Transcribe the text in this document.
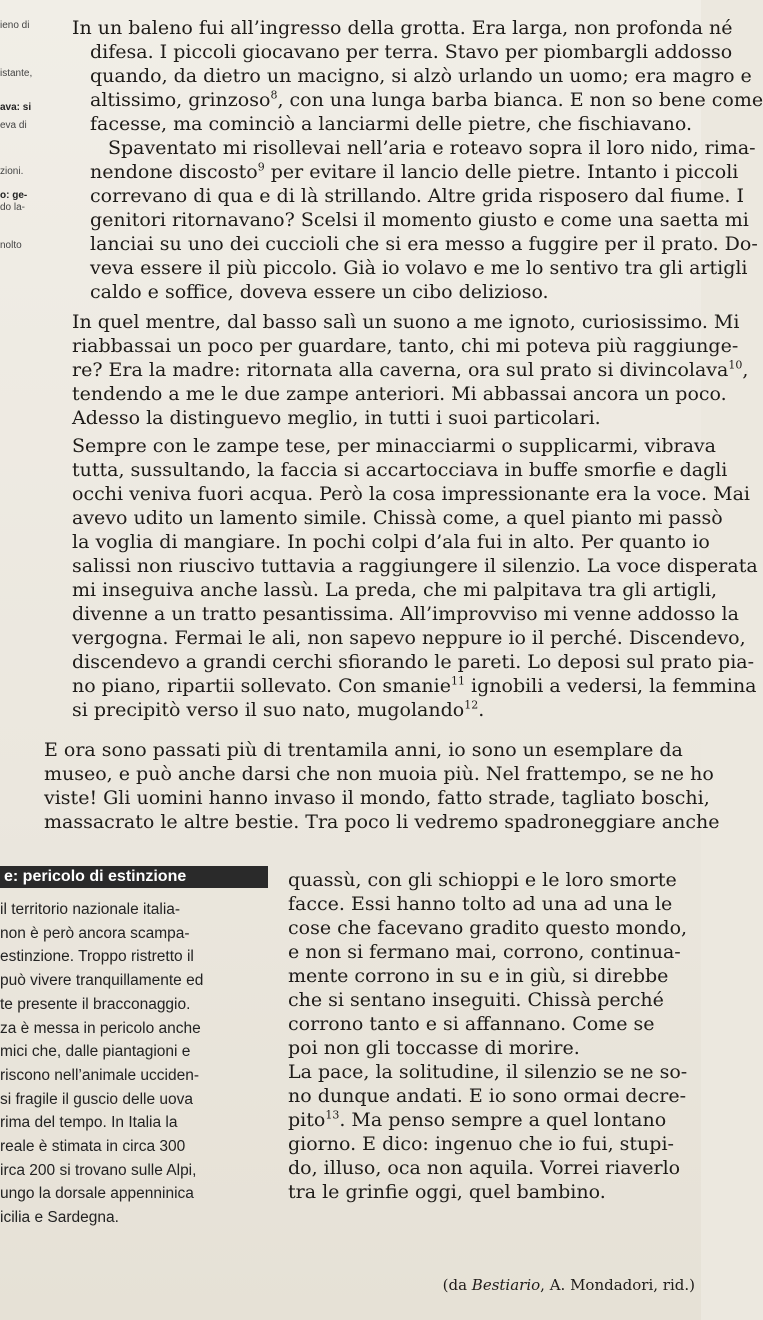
ieno di
istante,
ava: si
eva di
zioni.
o: ge-
do la-
nolto

In un baleno fui all’ingresso della grotta. Era larga, non profonda né

difesa. I piccoli giocavano per terra. Stavo per piombargli addosso

quando, da dietro un macigno, si alzò urlando un uomo; era magro e

altissimo, grinzoso$^8$, con una lunga barba bianca. E non so bene come

facesse, ma cominciò a lanciarmi delle pietre, che fischiavano.

Spaventato mi risollevai nell’aria e roteavo sopra il loro nido, rima-

nendone discosto$^9$ per evitare il lancio delle pietre. Intanto i piccoli

correvano di qua e di là strillando. Altre grida risposero dal fiume. I

genitori ritornavano? Scelsi il momento giusto e come una saetta mi

lanciai su uno dei cuccioli che si era messo a fuggire per il prato. Do-

veva essere il più piccolo. Già io volavo e me lo sentivo tra gli artigli

caldo e soffice, doveva essere un cibo delizioso.

In quel mentre, dal basso salì un suono a me ignoto, curiosissimo. Mi

riabbassai un poco per guardare, tanto, chi mi poteva più raggiunge-

re? Era la madre: ritornata alla caverna, ora sul prato si divincolava$^{10}$,

tendendo a me le due zampe anteriori. Mi abbassai ancora un poco.

Adesso la distinguevo meglio, in tutti i suoi particolari.

Sempre con le zampe tese, per minacciarmi o supplicarmi, vibrava

tutta, sussultando, la faccia si accartocciava in buffe smorfie e dagli

occhi veniva fuori acqua. Però la cosa impressionante era la voce. Mai

avevo udito un lamento simile. Chissà come, a quel pianto mi passò

la voglia di mangiare. In pochi colpi d’ala fui in alto. Per quanto io

salissi non riuscivo tuttavia a raggiungere il silenzio. La voce disperata

mi inseguiva anche lassù. La preda, che mi palpitava tra gli artigli,

divenne a un tratto pesantissima. All’improvviso mi venne addosso la

vergogna. Fermai le ali, non sapevo neppure io il perché. Discendevo,

discendevo a grandi cerchi sfiorando le pareti. Lo deposi sul prato pia-

no piano, ripartii sollevato. Con smanie$^{11}$ ignobili a vedersi, la femmina

si precipitò verso il suo nato, mugolando$^{12}$.

E ora sono passati più di trentamila anni, io sono un esemplare da

museo, e può anche darsi che non muoia più. Nel frattempo, se ne ho

viste! Gli uomini hanno invaso il mondo, fatto strade, tagliato boschi,

massacrato le altre bestie. Tra poco li vedremo spadroneggiare anche

e: pericolo di estinzione

il territorio nazionale italia-

non è però ancora scampa-

estinzione. Troppo ristretto il

può vivere tranquillamente ed

te presente il bracconaggio.

za è messa in pericolo anche

mici che, dalle piantagioni e

riscono nell’animale ucciden-

si fragile il guscio delle uova

rima del tempo. In Italia la

reale è stimata in circa 300

irca 200 si trovano sulle Alpi,

ungo la dorsale appenninica

icilia e Sardegna.

quassù, con gli schioppi e le loro smorte

facce. Essi hanno tolto ad una ad una le

cose che facevano gradito questo mondo,

e non si fermano mai, corrono, continua-

mente corrono in su e in giù, si direbbe

che si sentano inseguiti. Chissà perché

corrono tanto e si affannano. Come se

poi non gli toccasse di morire.

La pace, la solitudine, il silenzio se ne so-

no dunque andati. E io sono ormai decre-

pito$^{13}$. Ma penso sempre a quel lontano

giorno. E dico: ingenuo che io fui, stupi-

do, illuso, oca non aquila. Vorrei riaverlo

tra le grinfie oggi, quel bambino.

(da Bestiario, A. Mondadori, rid.)
